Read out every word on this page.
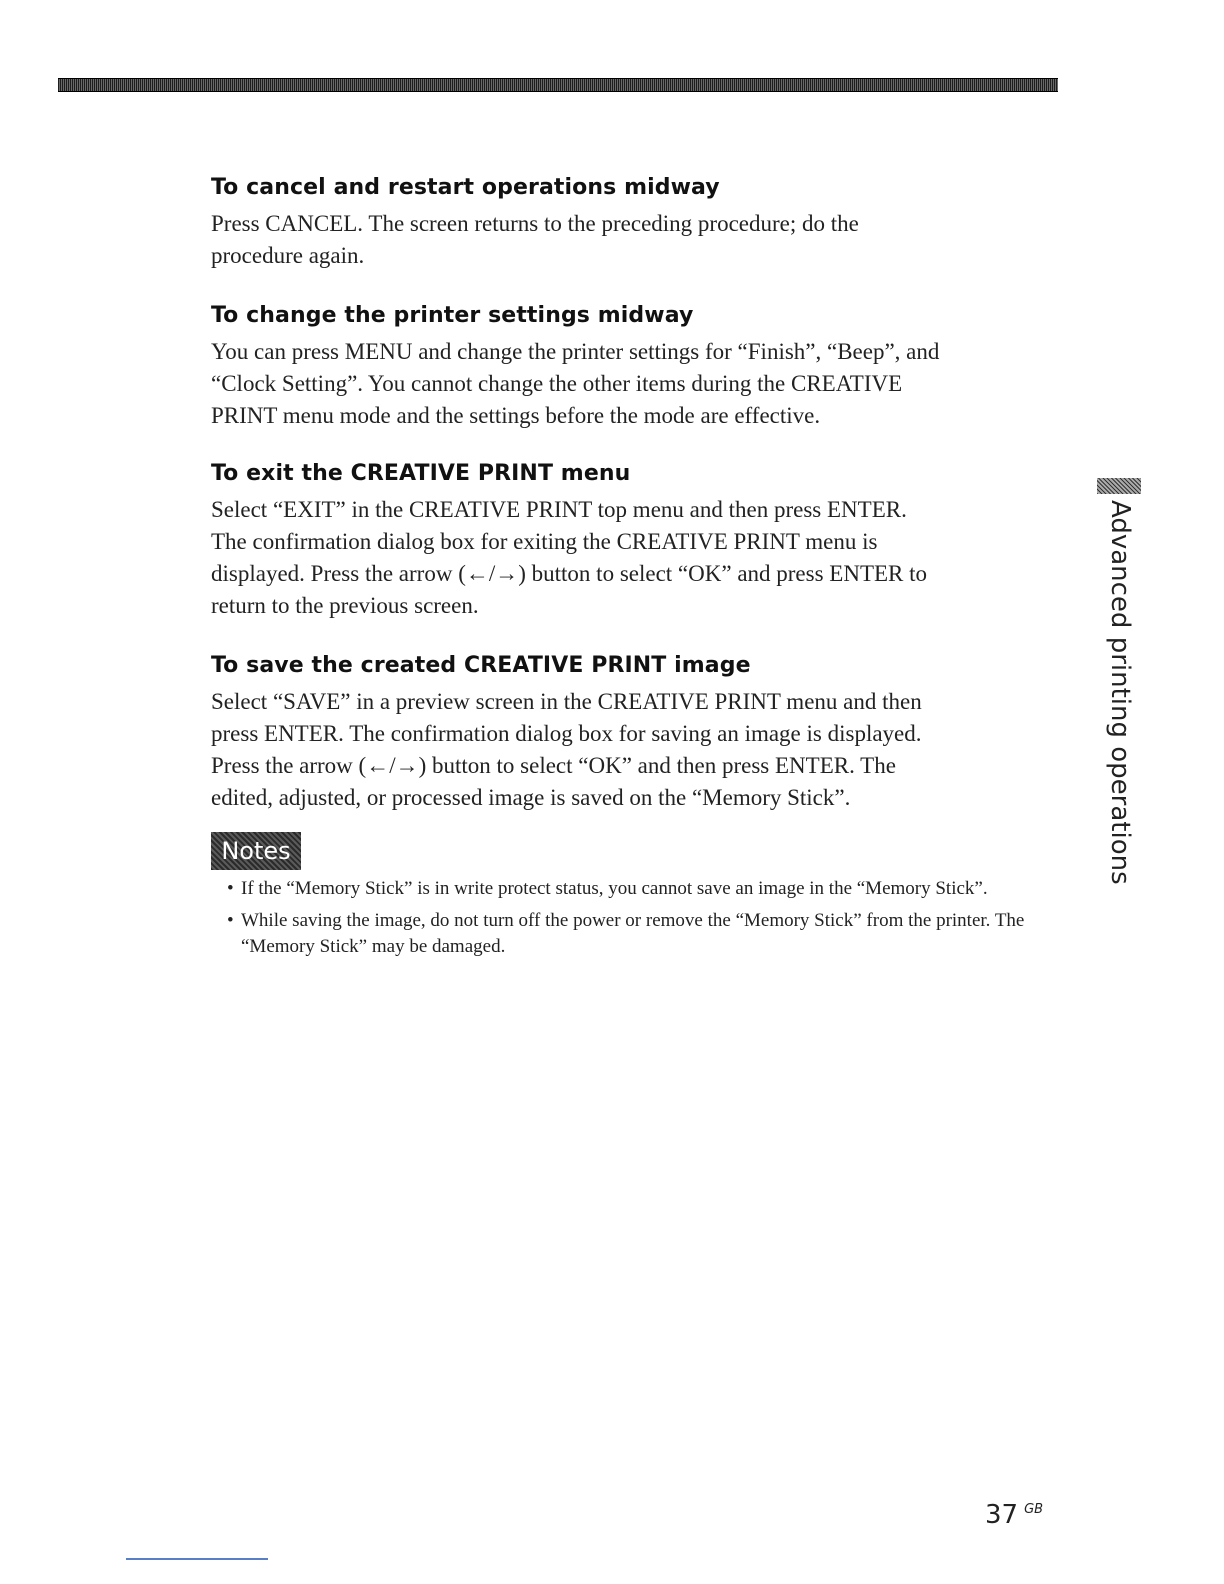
To cancel and restart operations midway

Press CANCEL. The screen returns to the preceding procedure; do the
procedure again.

To change the printer settings midway

You can press MENU and change the printer settings for “Finish”, “Beep”, and
“Clock Setting”. You cannot change the other items during the CREATIVE
PRINT menu mode and the settings before the mode are effective.

To exit the CREATIVE PRINT menu

Select “EXIT” in the CREATIVE PRINT top menu and then press ENTER.
The confirmation dialog box for exiting the CREATIVE PRINT menu is
displayed. Press the arrow (←/→) button to select “OK” and press ENTER to
return to the previous screen.

To save the created CREATIVE PRINT image

Select “SAVE” in a preview screen in the CREATIVE PRINT menu and then
press ENTER. The confirmation dialog box for saving an image is displayed.
Press the arrow (←/→) button to select “OK” and then press ENTER. The
edited, adjusted, or processed image is saved on the “Memory Stick”.

Notes
• If the “Memory Stick” is in write protect status, you cannot save an image in the “Memory Stick”.
• While saving the image, do not turn off the power or remove the “Memory Stick” from the printer. The “Memory Stick” may be damaged.
Advanced printing operations
37 $^{GB}$
